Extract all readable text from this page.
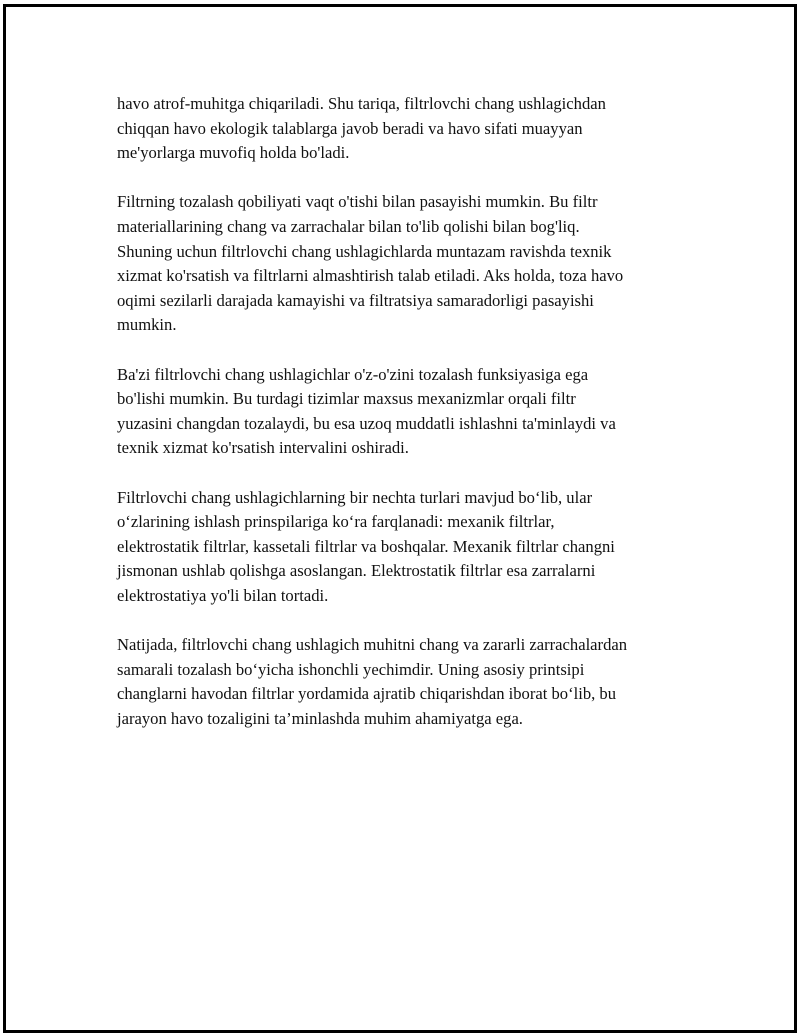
havo atrof-muhitga chiqariladi. Shu tariqa, filtrlovchi chang ushlagichdan
chiqqan havo ekologik talablarga javob beradi va havo sifati muayyan
me'yorlarga muvofiq holda bo'ladi.

Filtrning tozalash qobiliyati vaqt o'tishi bilan pasayishi mumkin. Bu filtr
materiallarining chang va zarrachalar bilan to'lib qolishi bilan bog'liq.
Shuning uchun filtrlovchi chang ushlagichlarda muntazam ravishda texnik
xizmat ko'rsatish va filtrlarni almashtirish talab etiladi. Aks holda, toza havo
oqimi sezilarli darajada kamayishi va filtratsiya samaradorligi pasayishi
mumkin.

Ba'zi filtrlovchi chang ushlagichlar o'z-o'zini tozalash funksiyasiga ega
bo'lishi mumkin. Bu turdagi tizimlar maxsus mexanizmlar orqali filtr
yuzasini changdan tozalaydi, bu esa uzoq muddatli ishlashni ta'minlaydi va
texnik xizmat ko'rsatish intervalini oshiradi.

Filtrlovchi chang ushlagichlarning bir nechta turlari mavjud bo‘lib, ular
o‘zlarining ishlash prinspilariga ko‘ra farqlanadi: mexanik filtrlar,
elektrostatik filtrlar, kassetali filtrlar va boshqalar. Mexanik filtrlar changni
jismonan ushlab qolishga asoslangan. Elektrostatik filtrlar esa zarralarni
elektrostatiya yo'li bilan tortadi.

Natijada, filtrlovchi chang ushlagich muhitni chang va zararli zarrachalardan
samarali tozalash bo‘yicha ishonchli yechimdir. Uning asosiy printsipi
changlarni havodan filtrlar yordamida ajratib chiqarishdan iborat bo‘lib, bu
jarayon havo tozaligini ta’minlashda muhim ahamiyatga ega.
